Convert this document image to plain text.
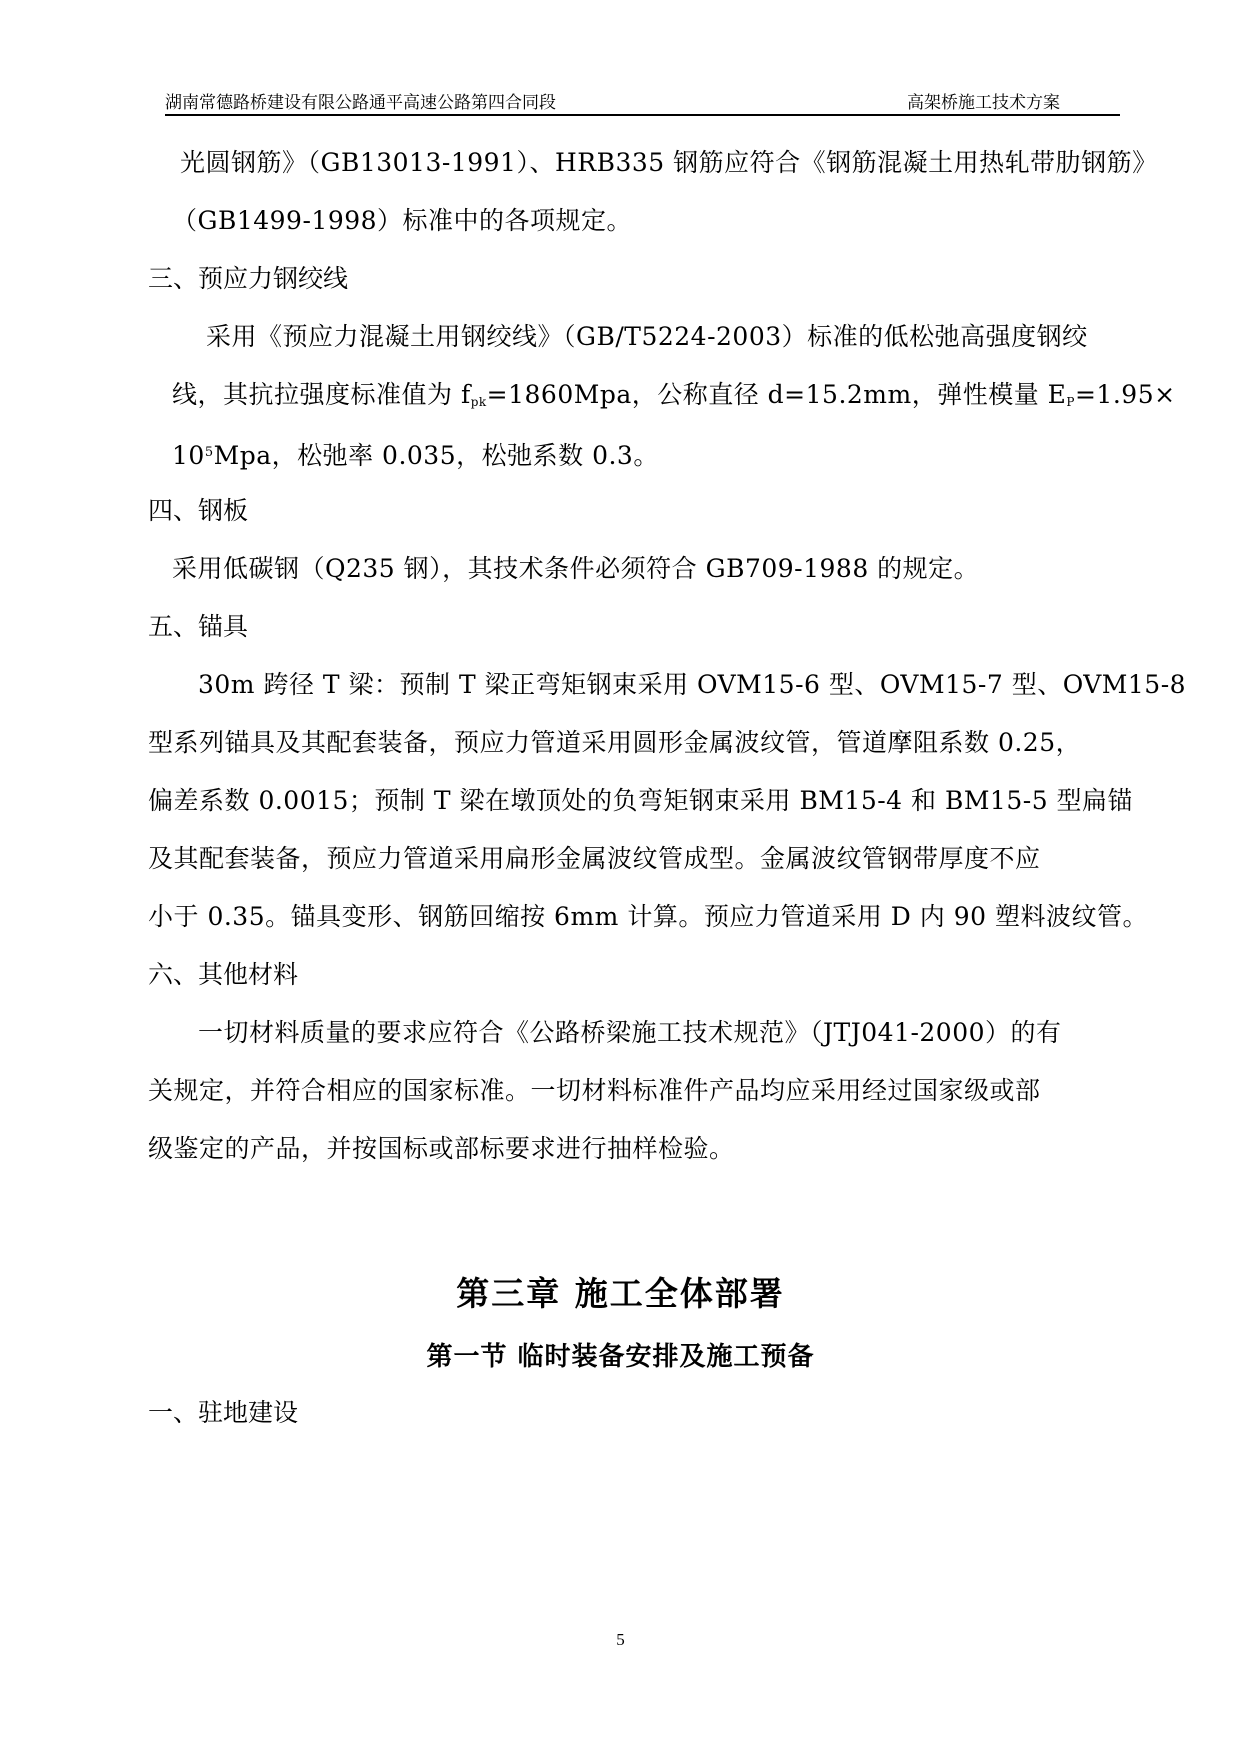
湖南常德路桥建设有限公路通平高速公路第四合同段	高架桥施工技术方案
光圆钢筋》（GB13013-1991）、HRB335 钢筋应符合《钢筋混凝土用热轧带肋钢筋》
（GB1499-1998）标准中的各项规定。
三、预应力钢绞线
采用《预应力混凝土用钢绞线》（GB/T5224-2003）标准的低松弛高强度钢绞
线，其抗拉强度标准值为 $f_{pk}=1860Mpa$，公称直径 d=15.2mm，弹性模量 $E_P=1.95\times$
$10^5Mpa$，松弛率 0.035，松弛系数 0.3。
四、钢板
采用低碳钢（Q235 钢），其技术条件必须符合 GB709-1988 的规定。
五、锚具
30m 跨径 T 梁：预制 T 梁正弯矩钢束采用 OVM15-6 型、OVM15-7 型、OVM15-8
型系列锚具及其配套装备，预应力管道采用圆形金属波纹管，管道摩阻系数 0.25，
偏差系数 0.0015；预制 T 梁在墩顶处的负弯矩钢束采用 BM15-4 和 BM15-5 型扁锚
及其配套装备，预应力管道采用扁形金属波纹管成型。金属波纹管钢带厚度不应
小于 0.35。锚具变形、钢筋回缩按 6mm 计算。预应力管道采用 D 内 90 塑料波纹管。
六、其他材料
一切材料质量的要求应符合《公路桥梁施工技术规范》（JTJ041-2000）的有
关规定，并符合相应的国家标准。一切材料标准件产品均应采用经过国家级或部
级鉴定的产品，并按国标或部标要求进行抽样检验。
第三章 施工全体部署
第一节 临时装备安排及施工预备
一、驻地建设
5
